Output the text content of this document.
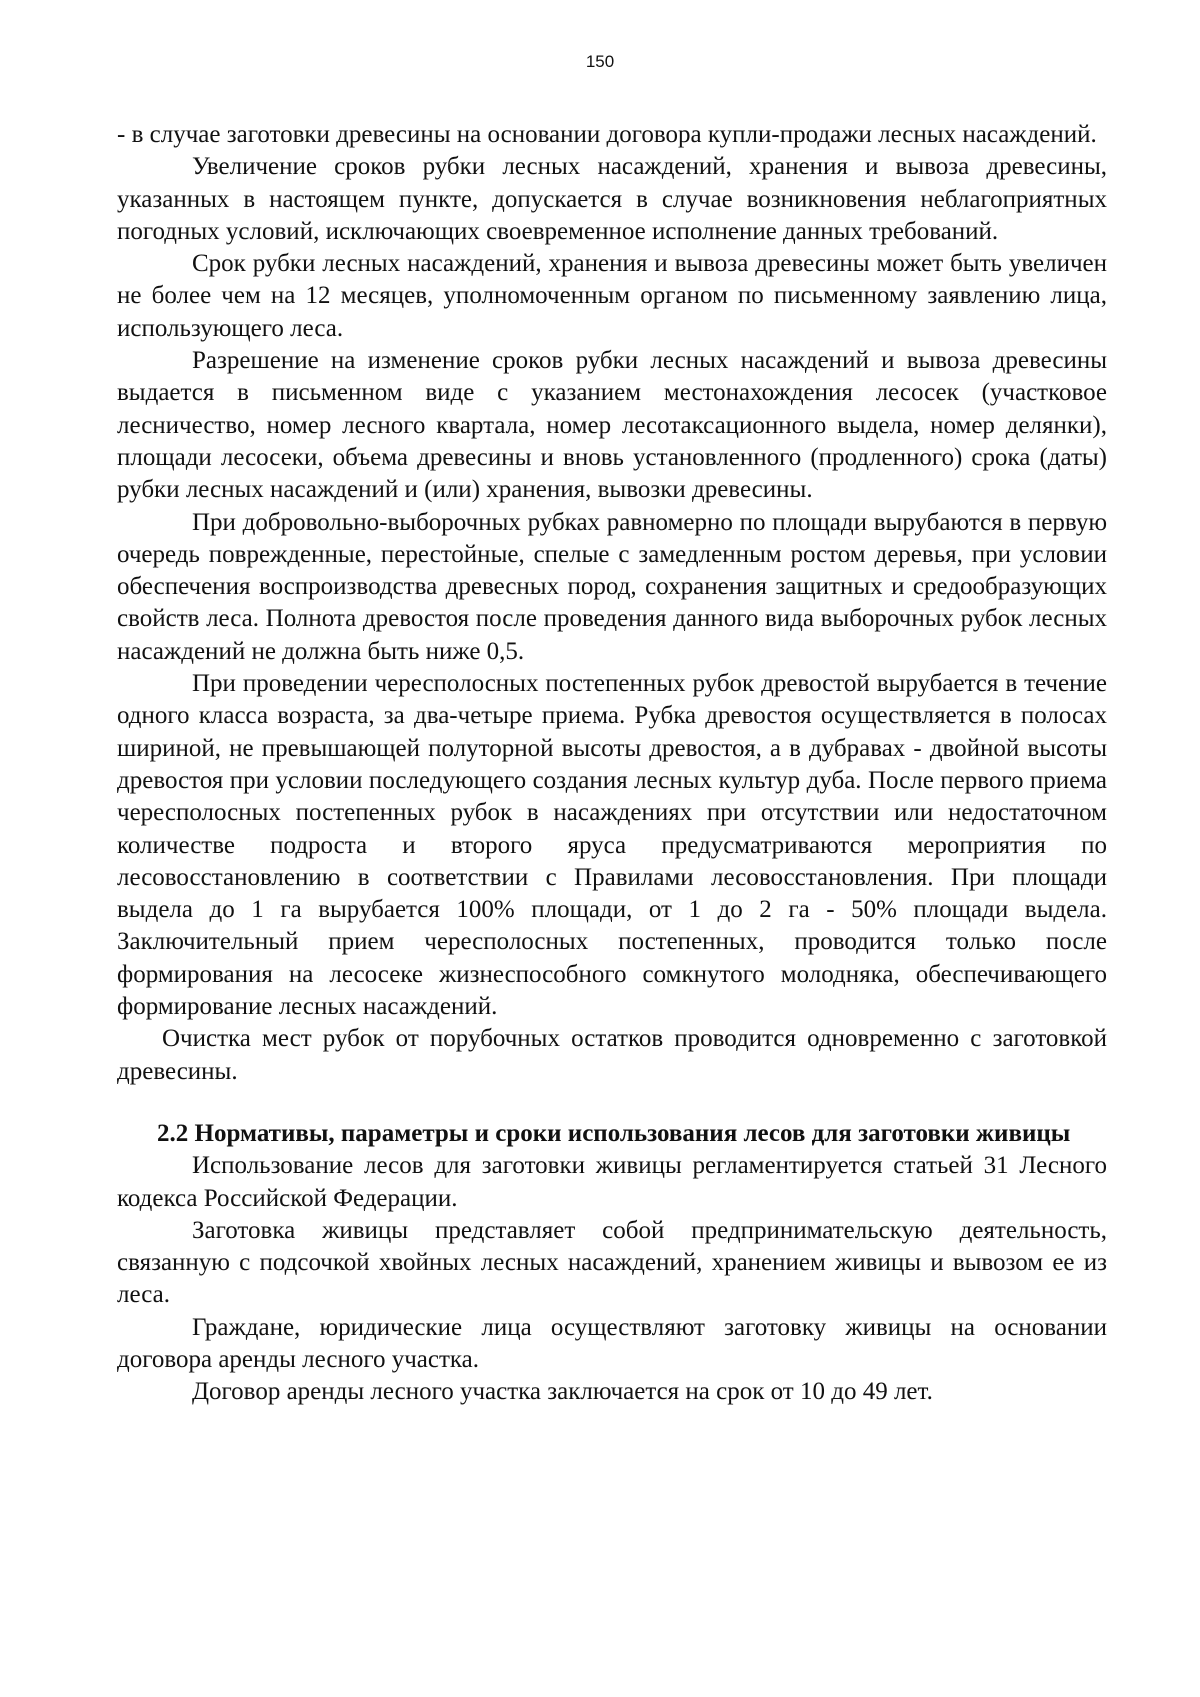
150

- в случае заготовки древесины на основании договора купли-продажи лесных насаждений.

Увеличение сроков рубки лесных насаждений, хранения и вывоза древесины, указанных в настоящем пункте, допускается в случае возникновения неблагоприятных погодных условий, исключающих своевременное исполнение данных требований.

Срок рубки лесных насаждений, хранения и вывоза древесины может быть увеличен не более чем на 12 месяцев, уполномоченным органом по письменному заявлению лица, использующего леса.

Разрешение на изменение сроков рубки лесных насаждений и вывоза древесины выдается в письменном виде с указанием местонахождения лесосек (участковое лесничество, номер лесного квартала, номер лесотаксационного выдела, номер делянки), площади лесосеки, объема древесины и вновь установленного (продленного) срока (даты) рубки лесных насаждений и (или) хранения, вывозки древесины.

При добровольно-выборочных рубках равномерно по площади вырубаются в первую очередь поврежденные, перестойные, спелые с замедленным ростом деревья, при условии обеспечения воспроизводства древесных пород, сохранения защитных и средообразующих свойств леса. Полнота древостоя после проведения данного вида выборочных рубок лесных насаждений не должна быть ниже 0,5.

При проведении чересполосных постепенных рубок древостой вырубается в течение одного класса возраста, за два-четыре приема. Рубка древостоя осуществляется в полосах шириной, не превышающей полуторной высоты древостоя, а в дубравах - двойной высоты древостоя при условии последующего создания лесных культур дуба. После первого приема чересполосных постепенных рубок в насаждениях при отсутствии или недостаточном количестве подроста и второго яруса предусматриваются мероприятия по лесовосстановлению в соответствии с Правилами лесовосстановления. При площади выдела до 1 га вырубается 100% площади, от 1 до 2 га - 50% площади выдела. Заключительный прием чересполосных постепенных, проводится только после формирования на лесосеке жизнеспособного сомкнутого молодняка, обеспечивающего формирование лесных насаждений.

Очистка мест рубок от порубочных остатков проводится одновременно с заготовкой древесины.

2.2 Нормативы, параметры и сроки использования лесов для заготовки живицы

Использование лесов для заготовки живицы регламентируется статьей 31 Лесного кодекса Российской Федерации.

Заготовка живицы представляет собой предпринимательскую деятельность, связанную с подсочкой хвойных лесных насаждений, хранением живицы и вывозом ее из леса.

Граждане, юридические лица осуществляют заготовку живицы на основании договора аренды лесного участка.

Договор аренды лесного участка заключается на срок от 10 до 49 лет.
